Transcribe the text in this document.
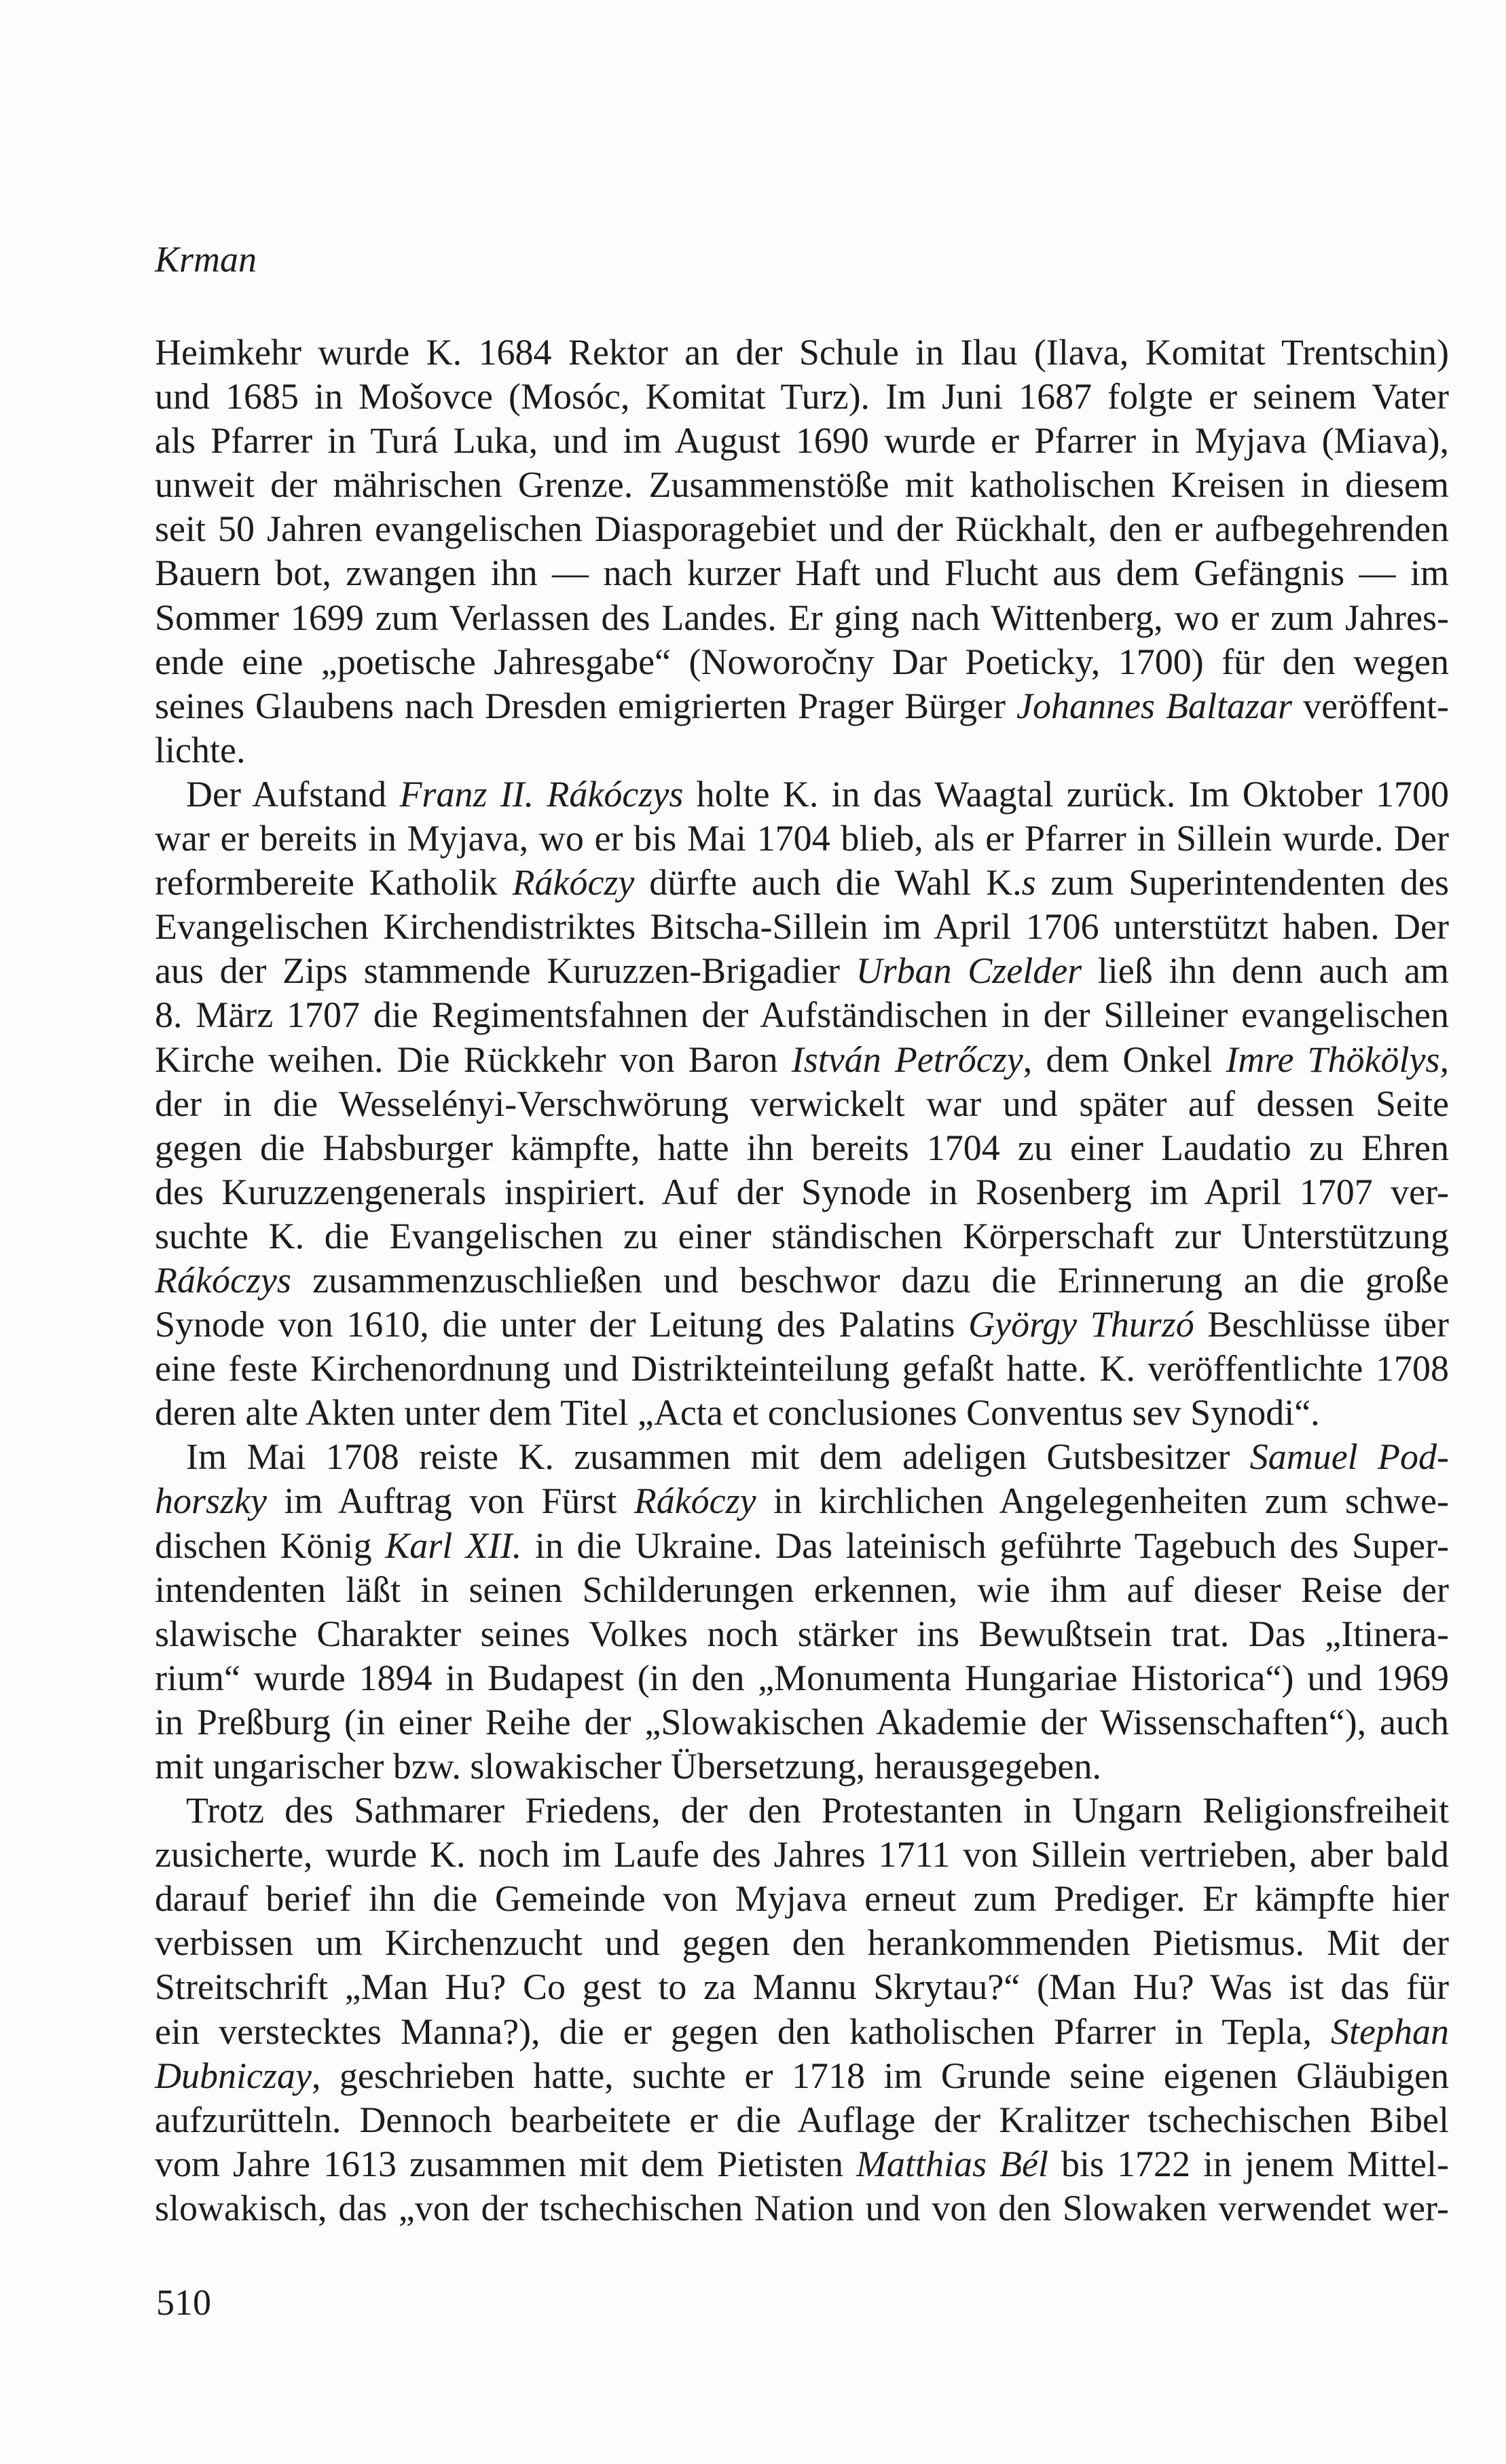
Krman
Heimkehr wurde K. 1684 Rektor an der Schule in Ilau (Ilava, Komitat Trentschin)
und 1685 in Mošovce (Mosóc, Komitat Turz). Im Juni 1687 folgte er seinem Vater
als Pfarrer in Turá Luka, und im August 1690 wurde er Pfarrer in Myjava (Miava),
unweit der mährischen Grenze. Zusammenstöße mit katholischen Kreisen in diesem
seit 50 Jahren evangelischen Diasporagebiet und der Rückhalt, den er aufbegehrenden
Bauern bot, zwangen ihn — nach kurzer Haft und Flucht aus dem Gefängnis — im
Sommer 1699 zum Verlassen des Landes. Er ging nach Wittenberg, wo er zum Jahres-
ende eine „poetische Jahresgabe“ (Noworočny Dar Poeticky, 1700) für den wegen
seines Glaubens nach Dresden emigrierten Prager Bürger Johannes Baltazar veröffent-
lichte.
Der Aufstand Franz II. Rákóczys holte K. in das Waagtal zurück. Im Oktober 1700
war er bereits in Myjava, wo er bis Mai 1704 blieb, als er Pfarrer in Sillein wurde. Der
reformbereite Katholik Rákóczy dürfte auch die Wahl K.s zum Superintendenten des
Evangelischen Kirchendistriktes Bitscha-Sillein im April 1706 unterstützt haben. Der
aus der Zips stammende Kuruzzen-Brigadier Urban Czelder ließ ihn denn auch am
8. März 1707 die Regimentsfahnen der Aufständischen in der Silleiner evangelischen
Kirche weihen. Die Rückkehr von Baron István Petrőczy, dem Onkel Imre Thökölys,
der in die Wesselényi-Verschwörung verwickelt war und später auf dessen Seite
gegen die Habsburger kämpfte, hatte ihn bereits 1704 zu einer Laudatio zu Ehren
des Kuruzzengenerals inspiriert. Auf der Synode in Rosenberg im April 1707 ver-
suchte K. die Evangelischen zu einer ständischen Körperschaft zur Unterstützung
Rákóczys zusammenzuschließen und beschwor dazu die Erinnerung an die große
Synode von 1610, die unter der Leitung des Palatins György Thurzó Beschlüsse über
eine feste Kirchenordnung und Distrikteinteilung gefaßt hatte. K. veröffentlichte 1708
deren alte Akten unter dem Titel „Acta et conclusiones Conventus sev Synodi“.
Im Mai 1708 reiste K. zusammen mit dem adeligen Gutsbesitzer Samuel Pod-
horszky im Auftrag von Fürst Rákóczy in kirchlichen Angelegenheiten zum schwe-
dischen König Karl XII. in die Ukraine. Das lateinisch geführte Tagebuch des Super-
intendenten läßt in seinen Schilderungen erkennen, wie ihm auf dieser Reise der
slawische Charakter seines Volkes noch stärker ins Bewußtsein trat. Das „Itinera-
rium“ wurde 1894 in Budapest (in den „Monumenta Hungariae Historica“) und 1969
in Preßburg (in einer Reihe der „Slowakischen Akademie der Wissenschaften“), auch
mit ungarischer bzw. slowakischer Übersetzung, herausgegeben.
Trotz des Sathmarer Friedens, der den Protestanten in Ungarn Religionsfreiheit
zusicherte, wurde K. noch im Laufe des Jahres 1711 von Sillein vertrieben, aber bald
darauf berief ihn die Gemeinde von Myjava erneut zum Prediger. Er kämpfte hier
verbissen um Kirchenzucht und gegen den herankommenden Pietismus. Mit der
Streitschrift „Man Hu? Co gest to za Mannu Skrytau?“ (Man Hu? Was ist das für
ein verstecktes Manna?), die er gegen den katholischen Pfarrer in Tepla, Stephan
Dubniczay, geschrieben hatte, suchte er 1718 im Grunde seine eigenen Gläubigen
aufzurütteln. Dennoch bearbeitete er die Auflage der Kralitzer tschechischen Bibel
vom Jahre 1613 zusammen mit dem Pietisten Matthias Bél bis 1722 in jenem Mittel-
slowakisch, das „von der tschechischen Nation und von den Slowaken verwendet wer-
510
